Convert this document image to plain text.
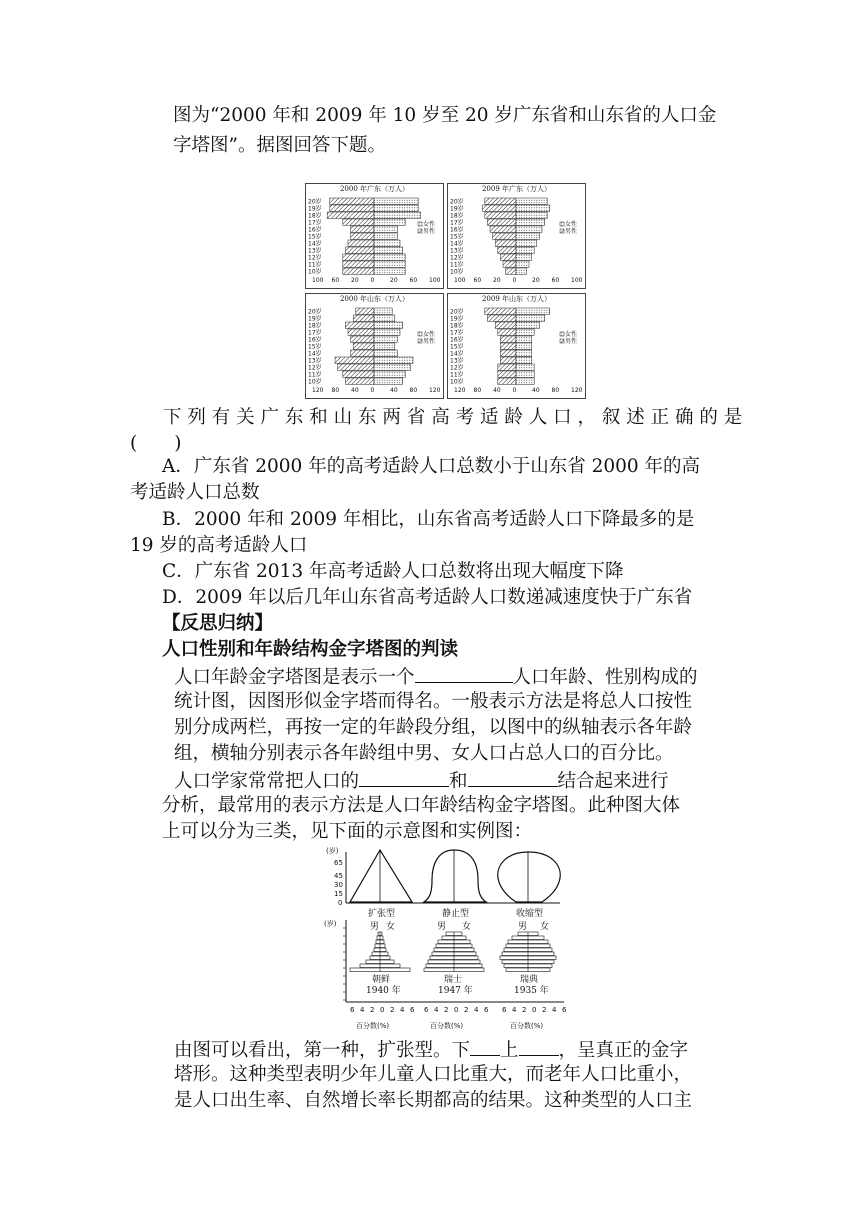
图为“2000 年和 2009 年 10 岁至 20 岁广东省和山东省的人口金
字塔图”。据图回答下题。
2000 年广东（万人）
20岁
19岁
18岁
17岁
16岁
15岁
14岁
13岁
12岁
11岁
10岁
100 60 20 0	20 60 100
女性
男性
2009 年广东（万人）
20岁
19岁
18岁
17岁
16岁
15岁
14岁
13岁
12岁
11岁
10岁
100 60 20 0	20 60 100
女性
男性
2000 年山东（万人）
20岁
19岁
18岁
17岁
16岁
15岁
14岁
13岁
12岁
11岁
10岁
120 80 40 0	40 80 120
女性
男性
2009 年山东（万人）
20岁
19岁
18岁
17岁
16岁
15岁
14岁
13岁
12岁
11岁
10岁
120 80 40 0	40 80 120
女性
男性
下 列 有 关 广 东 和 山 东 两 省 高 考 适 龄 人 口 ， 叙 述 正 确 的 是
(　　)
A．广东省 2000 年的高考适龄人口总数小于山东省 2000 年的高
考适龄人口总数
B．2000 年和 2009 年相比，山东省高考适龄人口下降最多的是
19 岁的高考适龄人口
C．广东省 2013 年高考适龄人口总数将出现大幅度下降
D．2009 年以后几年山东省高考适龄人口数递减速度快于广东省
【反思归纳】
人口性别和年龄结构金字塔图的判读
人口年龄金字塔图是表示一个	人口年龄、性别构成的
统计图，因图形似金字塔而得名。一般表示方法是将总人口按性
别分成两栏，再按一定的年龄段分组，以图中的纵轴表示各年龄
组，横轴分别表示各年龄组中男、女人口占总人口的百分比。
人口学家常常把人口的	和	结合起来进行
分析，最常用的表示方法是人口年龄结构金字塔图。此种图大体
上可以分为三类，见下面的示意图和实例图：
(岁)
65
45
30
15
0
扩张型	静止型	收缩型
(岁)	男 女	男 女	男 女
朝鲜
1940 年
瑞士
1947 年
瑞典
1935 年
6 4 2 0 2 4 6 6 4 2 0 2 4 6 6 4 2 0 2 4 6
百分数(%)	百分数(%)	百分数(%)
由图可以看出，第一种，扩张型。下 上 ，呈真正的金字
塔形。这种类型表明少年儿童人口比重大，而老年人口比重小，
是人口出生率、自然增长率长期都高的结果。这种类型的人口主
